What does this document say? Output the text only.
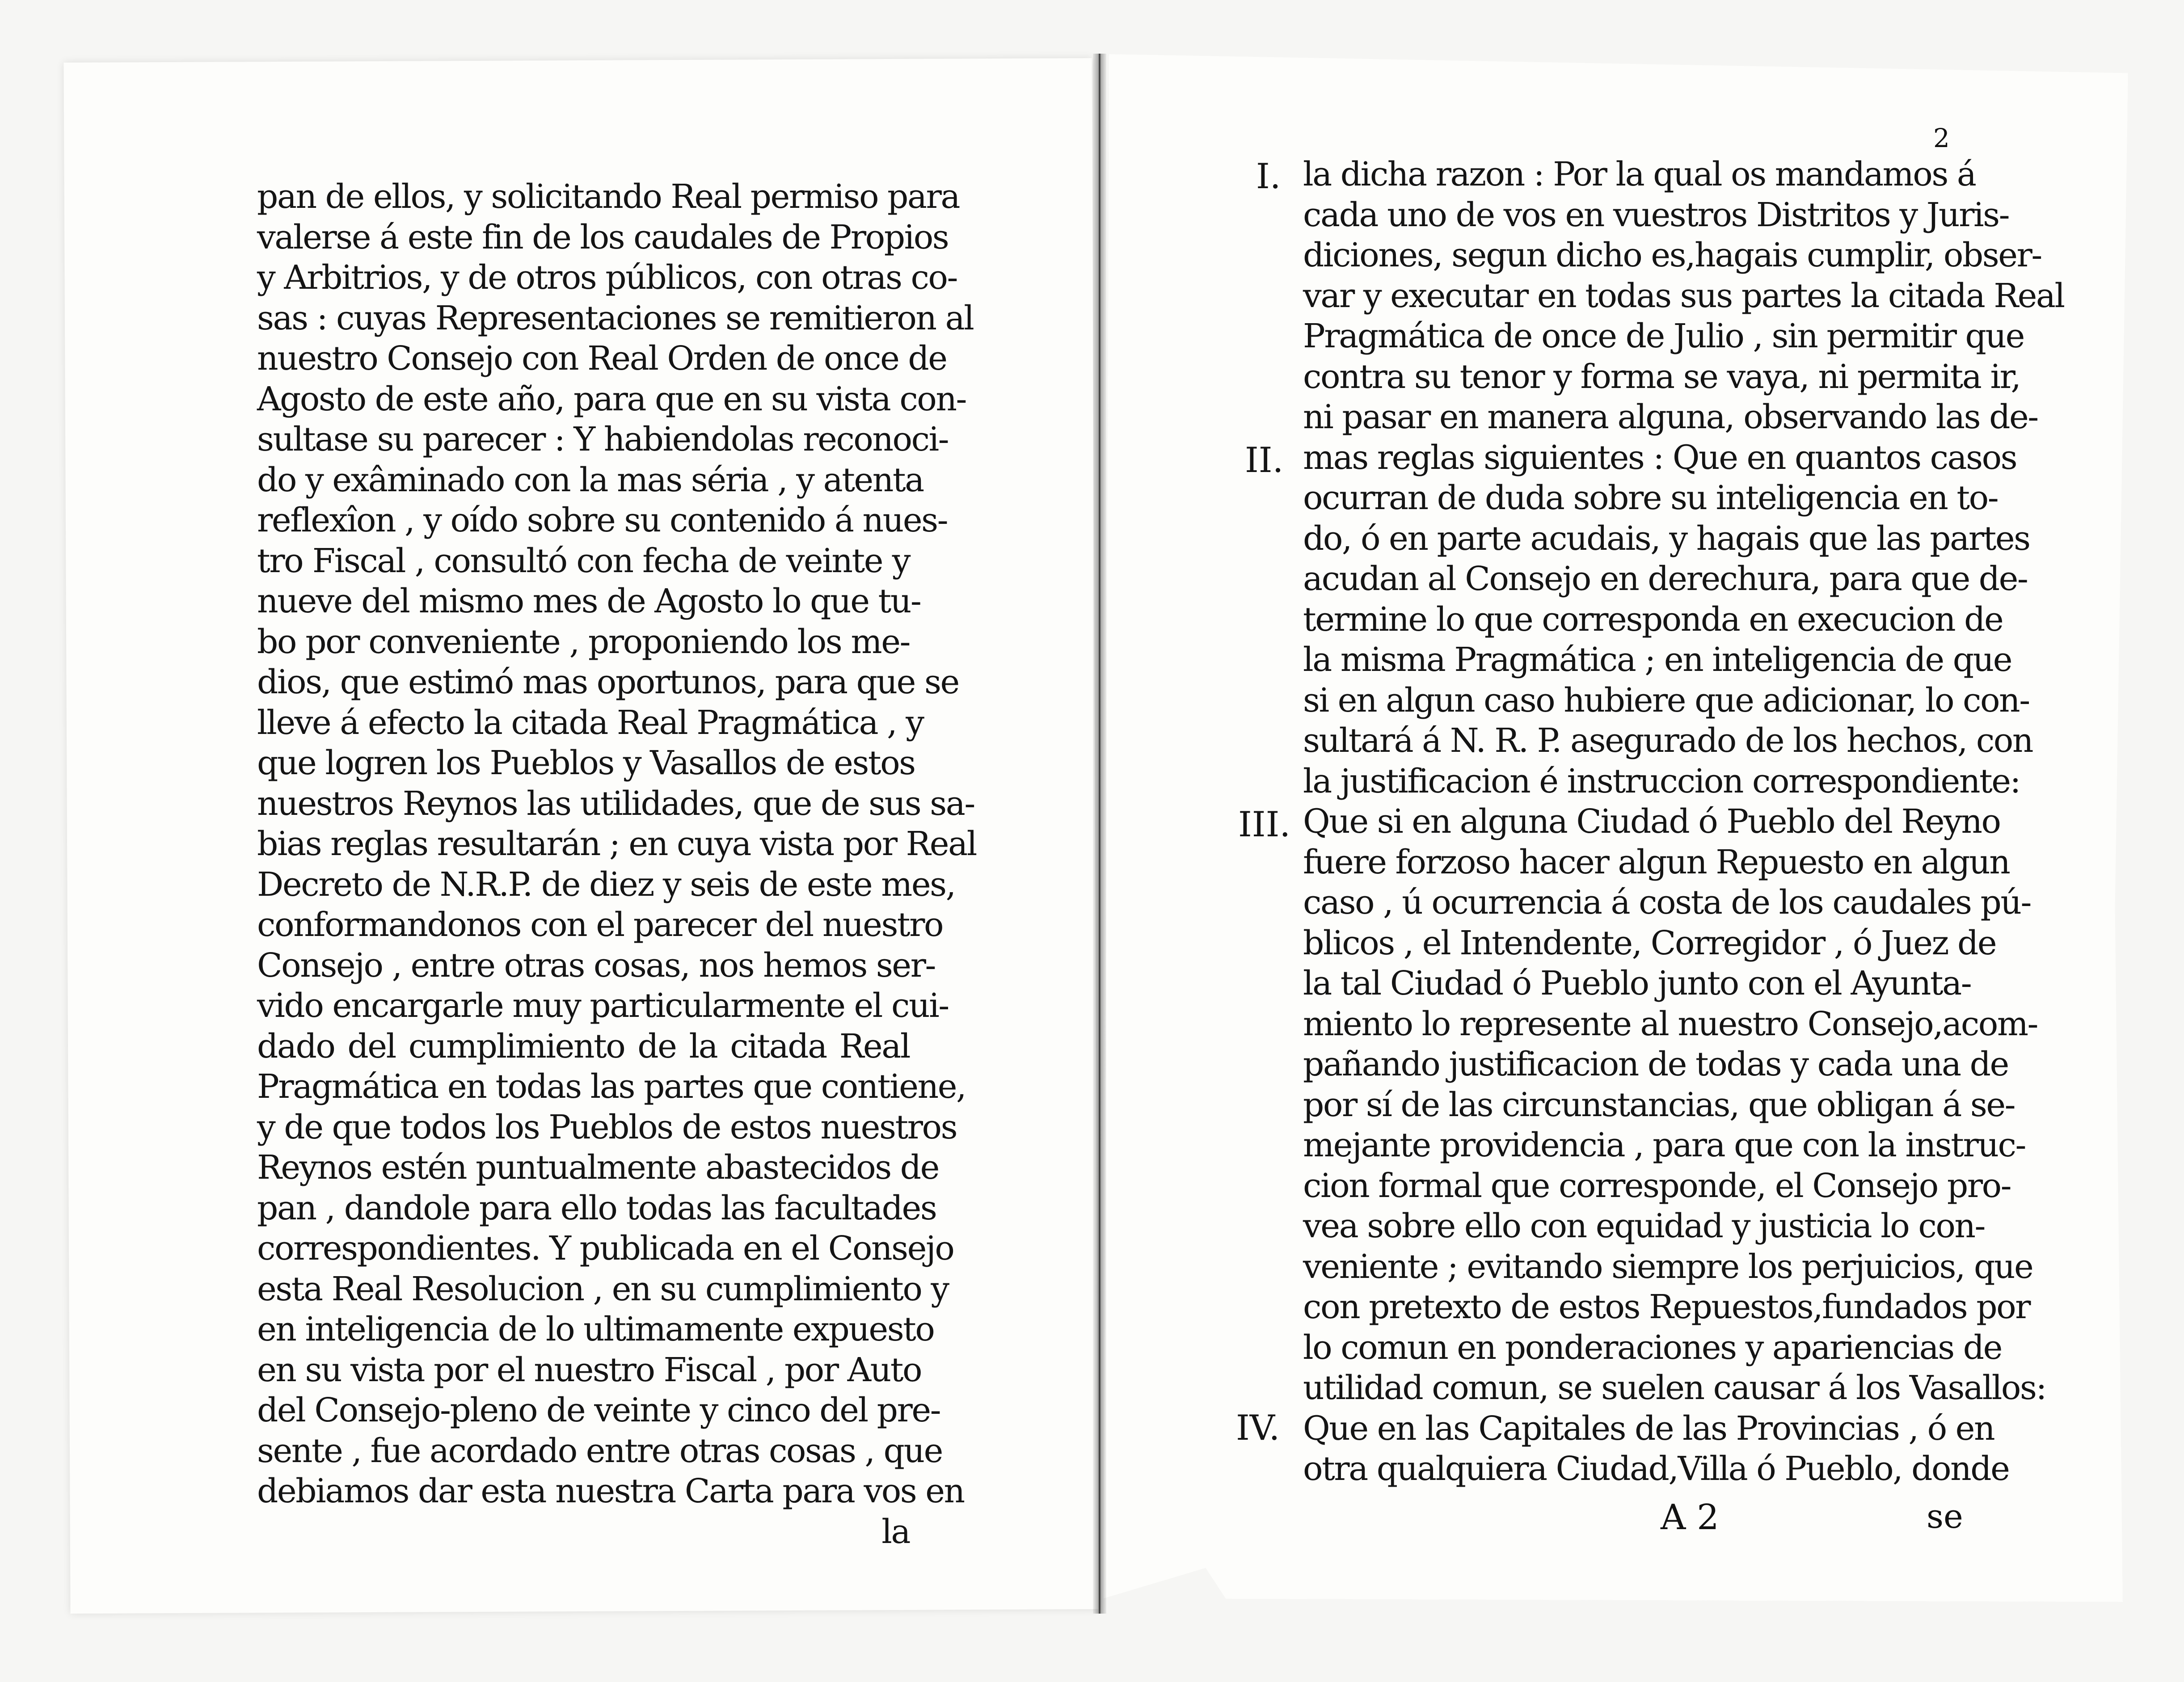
2
pan de ellos, y solicitando Real permiso para
valerse á este fin de los caudales de Propios
y Arbitrios, y de otros públicos, con otras co-
sas : cuyas Representaciones se remitieron al
nuestro Consejo con Real Orden de once de
Agosto de este año, para que en su vista con-
sultase su parecer : Y habiendolas reconoci-
do y exâminado con la mas séria , y atenta
reflexîon , y oído sobre su contenido á nues-
tro Fiscal , consultó con fecha de veinte y
nueve del mismo mes de Agosto lo que tu-
bo por conveniente , proponiendo los me-
dios, que estimó mas oportunos, para que se
lleve á efecto la citada Real Pragmática , y
que logren los Pueblos y Vasallos de estos
nuestros Reynos las utilidades, que de sus sa-
bias reglas resultarán ; en cuya vista por Real
Decreto de N.R.P. de diez y seis de este mes,
conformandonos con el parecer del nuestro
Consejo , entre otras cosas, nos hemos ser-
vido encargarle muy particularmente el cui-
dado del cumplimiento de la citada Real
Pragmática en todas las partes que contiene,
y de que todos los Pueblos de estos nuestros
Reynos estén puntualmente abastecidos de
pan , dandole para ello todas las facultades
correspondientes. Y publicada en el Consejo
esta Real Resolucion , en su cumplimiento y
en inteligencia de lo ultimamente expuesto
en su vista por el nuestro Fiscal , por Auto
del Consejo-pleno de veinte y cinco del pre-
sente , fue acordado entre otras cosas , que
debiamos dar esta nuestra Carta para vos en
la
la dicha razon : Por la qual os mandamos á
cada uno de vos en vuestros Distritos y Juris-
diciones, segun dicho es,hagais cumplir, obser-
var y executar en todas sus partes la citada Real
Pragmática de once de Julio , sin permitir que
contra su tenor y forma se vaya, ni permita ir,
ni pasar en manera alguna, observando las de-
mas reglas siguientes : Que en quantos casos
ocurran de duda sobre su inteligencia en to-
do, ó en parte acudais, y hagais que las partes
acudan al Consejo en derechura, para que de-
termine lo que corresponda en execucion de
la misma Pragmática ; en inteligencia de que
si en algun caso hubiere que adicionar, lo con-
sultará á N. R. P. asegurado de los hechos, con
la justificacion é instruccion correspondiente:
Que si en alguna Ciudad ó Pueblo del Reyno
fuere forzoso hacer algun Repuesto en algun
caso , ú ocurrencia á costa de los caudales pú-
blicos , el Intendente, Corregidor , ó Juez de
la tal Ciudad ó Pueblo junto con el Ayunta-
miento lo represente al nuestro Consejo,acom-
pañando justificacion de todas y cada una de
por sí de las circunstancias, que obligan á se-
mejante providencia , para que con la instruc-
cion formal que corresponde, el Consejo pro-
vea sobre ello con equidad y justicia lo con-
veniente ; evitando siempre los perjuicios, que
con pretexto de estos Repuestos,fundados por
lo comun en ponderaciones y apariencias de
utilidad comun, se suelen causar á los Vasallos:
Que en las Capitales de las Provincias , ó en
otra qualquiera Ciudad,Villa ó Pueblo, donde
I.
II.
III.
IV.
A 2	se
